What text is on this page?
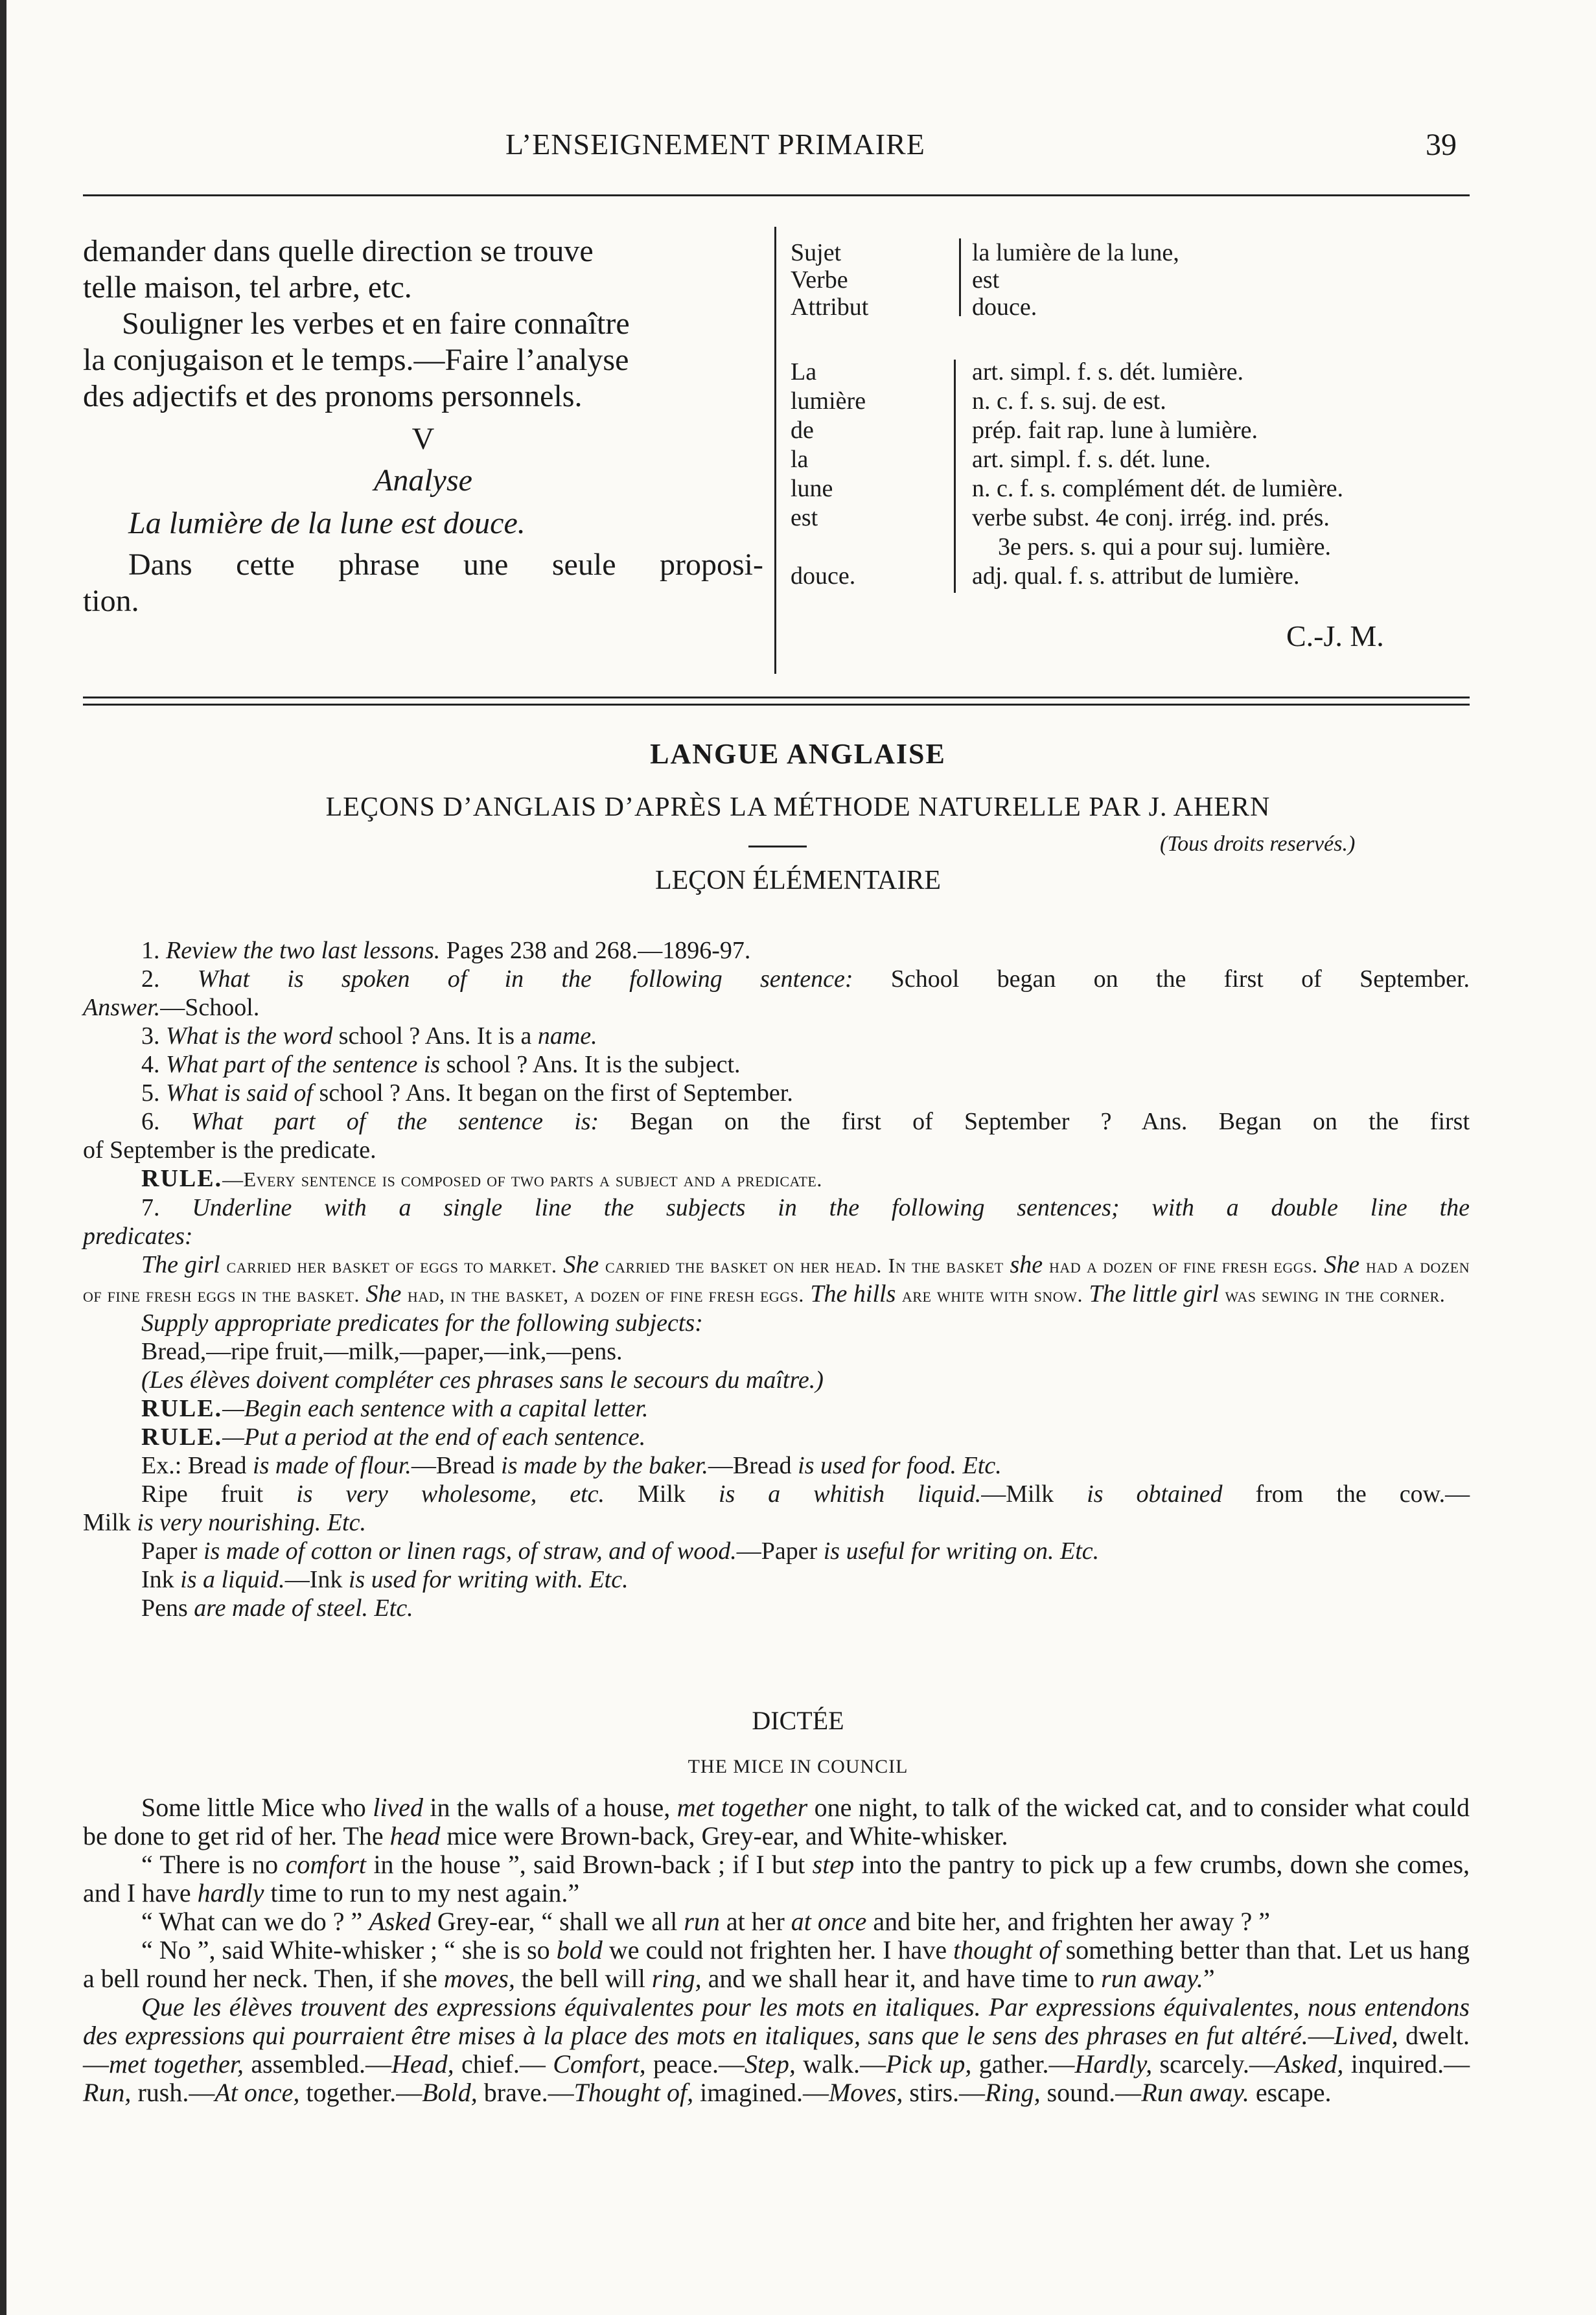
L’ENSEIGNEMENT PRIMAIRE	39

demander dans quelle direction se trouve

telle maison, tel arbre, etc.

Souligner les verbes et en faire connaître

la conjugaison et le temps.—Faire l’analyse

des adjectifs et des pronoms personnels.

V

Analyse

La lumière de la lune est douce.

Dans cette phrase une seule proposi-

tion.

Sujet
Verbe
Attribut
la lumière de la lune,
est
douce.
La
lumière
de
la
lune
est
douce.
art. simpl. f. s. dét. lumière.
n. c. f. s. suj. de est.
prép. fait rap. lune à lumière.
art. simpl. f. s. dét. lune.
n. c. f. s. complément dét. de lumière.
verbe subst. 4e conj. irrég. ind. prés.
3e pers. s. qui a pour suj. lumière.
adj. qual. f. s. attribut de lumière.
C.-J. M.
LANGUE ANGLAISE
LEÇONS D’ANGLAIS D’APRÈS LA MÉTHODE NATURELLE PAR J. AHERN
(Tous droits reservés.)
LEÇON ÉLÉMENTAIRE

1. Review the two last lessons. Pages 238 and 268.—1896-97.

2. What is spoken of in the following sentence: School began on the first of September.

Answer.—School.

3. What is the word school ? Ans. It is a name.

4. What part of the sentence is school ? Ans. It is the subject.

5. What is said of school ? Ans. It began on the first of September.

6. What part of the sentence is: Began on the first of September ? Ans. Began on the first

of September is the predicate.

RULE.—Every sentence is composed of two parts a subject and a predicate.

7. Underline with a single line the subjects in the following sentences; with a double line the

predicates:

The girl carried her basket of eggs to market. She carried the basket on her head. In the basket she had a dozen of fine fresh eggs. She had a dozen of fine fresh eggs in the basket. She had, in the basket, a dozen of fine fresh eggs. The hills are white with snow. The little girl was sewing in the corner.

Supply appropriate predicates for the following subjects:

Bread,—ripe fruit,—milk,—paper,—ink,—pens.

(Les élèves doivent compléter ces phrases sans le secours du maître.)

RULE.—Begin each sentence with a capital letter.

RULE.—Put a period at the end of each sentence.

Ex.: Bread is made of flour.—Bread is made by the baker.—Bread is used for food. Etc.

Ripe fruit is very wholesome, etc. Milk is a whitish liquid.—Milk is obtained from the cow.—

Milk is very nourishing. Etc.

Paper is made of cotton or linen rags, of straw, and of wood.—Paper is useful for writing on. Etc.

Ink is a liquid.—Ink is used for writing with. Etc.

Pens are made of steel. Etc.

DICTÉE
THE MICE IN COUNCIL

Some little Mice who lived in the walls of a house, met together one night, to talk of the wicked cat, and to consider what could be done to get rid of her. The head mice were Brown-back, Grey-ear, and White-whisker.

“ There is no comfort in the house ”, said Brown-back ; if I but step into the pantry to pick up a few crumbs, down she comes, and I have hardly time to run to my nest again.”

“ What can we do ? ” Asked Grey-ear, “ shall we all run at her at once and bite her, and frighten her away ? ”

“ No ”, said White-whisker ; “ she is so bold we could not frighten her. I have thought of something better than that. Let us hang a bell round her neck. Then, if she moves, the bell will ring, and we shall hear it, and have time to run away.”

Que les élèves trouvent des expressions équivalentes pour les mots en italiques. Par expressions équivalentes, nous entendons des expressions qui pourraient être mises à la place des mots en italiques, sans que le sens des phrases en fut altéré.—Lived, dwelt.—met together, assembled.—Head, chief.— Comfort, peace.—Step, walk.—Pick up, gather.—Hardly, scarcely.—Asked, inquired.—Run, rush.—At once, together.—Bold, brave.—Thought of, imagined.—Moves, stirs.—Ring, sound.—Run away. escape.
